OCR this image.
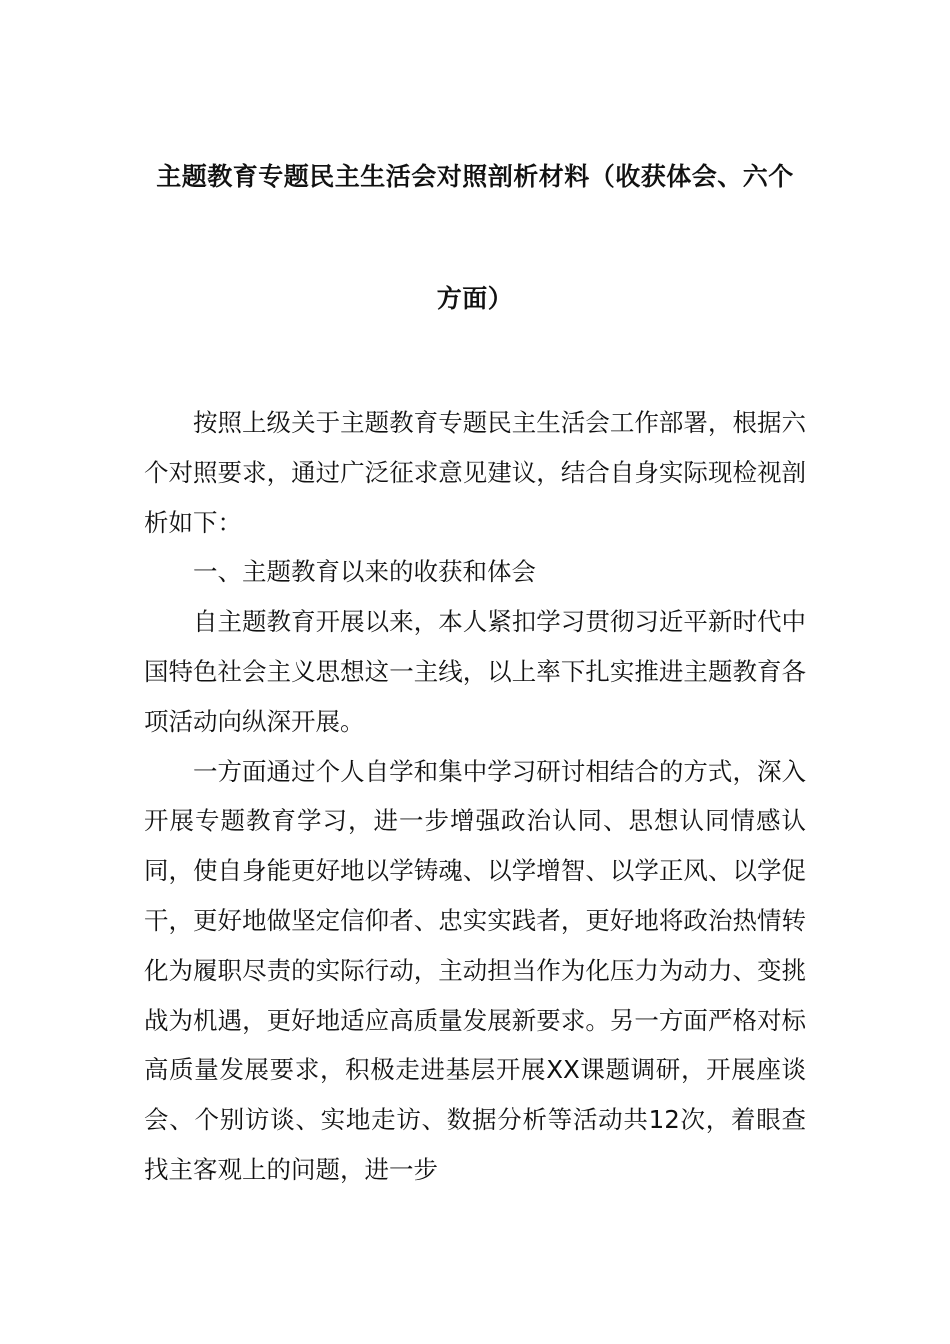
主题教育专题民主生活会对照剖析材料（收获体会、六个
方面）

按照上级关于主题教育专题民主生活会工作部署，根据六个对照要求，通过广泛征求意见建议，结合自身实际现检视剖析如下：

一、主题教育以来的收获和体会

自主题教育开展以来，本人紧扣学习贯彻习近平新时代中国特色社会主义思想这一主线，以上率下扎实推进主题教育各项活动向纵深开展。

一方面通过个人自学和集中学习研讨相结合的方式，深入开展专题教育学习，进一步增强政治认同、思想认同情感认同，使自身能更好地以学铸魂、以学增智、以学正风、以学促干，更好地做坚定信仰者、忠实实践者，更好地将政治热情转化为履职尽责的实际行动，主动担当作为化压力为动力、变挑战为机遇，更好地适应高质量发展新要求。另一方面严格对标高质量发展要求，积极走进基层开展XX课题调研，开展座谈会、个别访谈、实地走访、数据分析等活动共12次，着眼查找主客观上的问题，进一步
